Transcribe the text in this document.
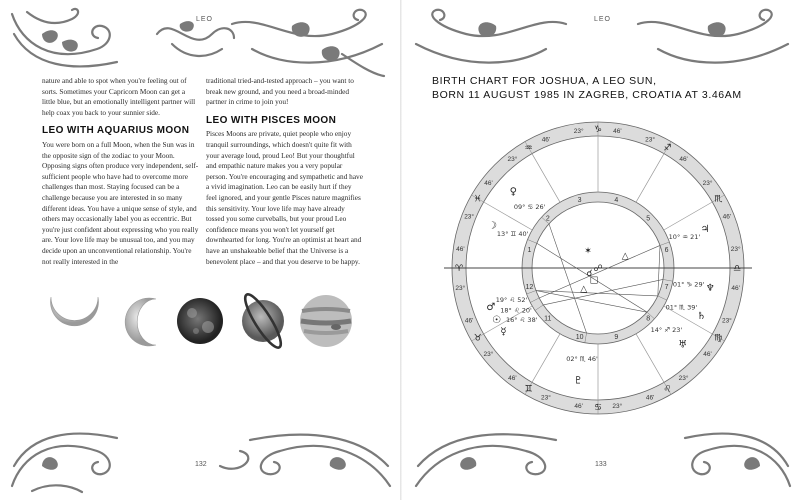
LEO

nature and able to spot when you're feeling out of sorts. Sometimes your Capricorn Moon can get a little blue, but an emotionally intelligent partner will help coax you back to your sunnier side.

LEO WITH AQUARIUS MOON

You were born on a full Moon, when the Sun was in the opposite sign of the zodiac to your Moon. Opposing signs often produce very independent, self-sufficient people who have had to overcome more challenges than most. Staying focused can be a challenge because you are interested in so many different ideas. You have a unique sense of style, and others may occasionally label you as eccentric. But you're just confident about expressing who you really are. Your love life may be unusual too, and you may decide upon an unconventional relationship. You're not really interested in the

traditional tried-and-tested approach – you want to break new ground, and you need a broad-minded partner in crime to join you!

LEO WITH PISCES MOON

Pisces Moons are private, quiet people who enjoy tranquil surroundings, which doesn't quite fit with your average loud, proud Leo! But your thoughtful and empathic nature makes you a very popular person. You're encouraging and sympathetic and have a vivid imagination. Leo can be easily hurt if they feel ignored, and your gentle Pisces nature magnifies this sensitivity. Your love life may have already tossed you some curveballs, but your proud Leo confidence means you won't let yourself get downhearted for long. You're an optimist at heart and have an unshakeable belief that the Universe is a benevolent place – and that you deserve to be happy.

132
LEO
BIRTH CHART FOR JOSHUA, A LEO SUN,
BORN 11 AUGUST 1985 IN ZAGREB, CROATIA AT 3.46AM
♈
23°
46'
♉
23°
46'
♊
23°
46'
♋ 23°
46'
♌
23°
46'
♍
23°
46'
♎
23°
46'
♏
23°
46'
♐
23°
46'
♑
23°	46'
♒
23°
46'
♓
23°
46'
1
2
3	4
5
6
7
8
9
10
11
12
☽
13° ♊ 40'
♀
09° ♋ 26'
♂
19° ♌ 52'
☉
18° ♌ 20'
☿
16° ♌ 38'	♄
01° ♏ 39'
♅
14° ♐ 23'
♆
01° ♑ 29'
♇
02° ♏ 46'
♃
10° ♒ 21'
△
△
□
☍
☌
✶
133
